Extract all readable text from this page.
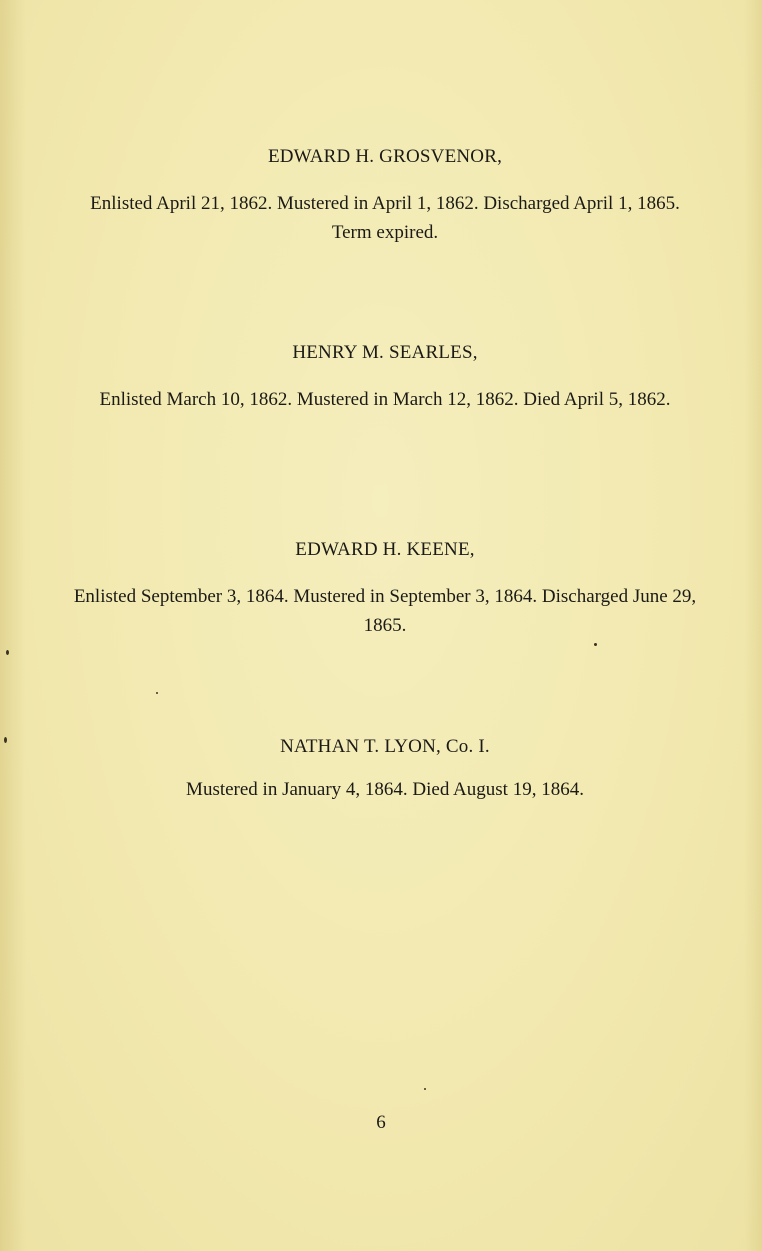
EDWARD H. GROSVENOR,
Enlisted April 21, 1862. Mustered in April 1, 1862. Discharged April 1, 1865. Term expired.
HENRY M. SEARLES,
Enlisted March 10, 1862. Mustered in March 12, 1862. Died April 5, 1862.
EDWARD H. KEENE,
Enlisted September 3, 1864. Mustered in September 3, 1864. Discharged June 29, 1865.
NATHAN T. LYON, Co. I.
Mustered in January 4, 1864. Died August 19, 1864.
6
